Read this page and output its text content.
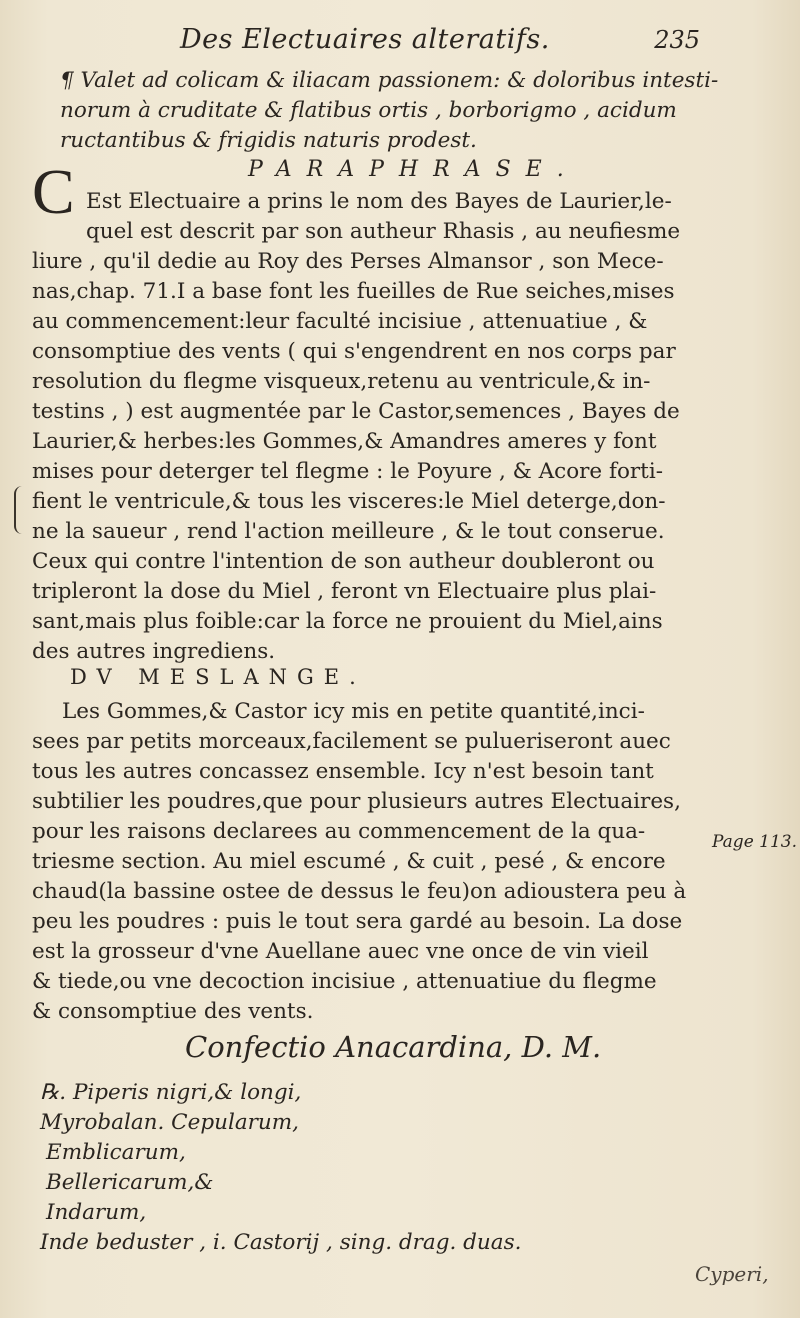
Des Electuaires alteratifs.	235
¶ Valet ad colicam & iliacam passionem: & doloribus intesti-
norum à cruditate & flatibus ortis , borborigmo , acidum
ructantibus & frigidis naturis prodest.
PARAPHRASE.
C Est Electuaire a prins le nom des Bayes de Laurier,le-
quel est descrit par son autheur Rhasis , au neufiesme
liure , qu'il dedie au Roy des Perses Almansor , son Mece-
nas,chap. 71.I a base font les fueilles de Rue seiches,mises
au commencement:leur faculté incisiue , attenuatiue , &
consomptiue des vents ( qui s'engendrent en nos corps par
resolution du flegme visqueux,retenu au ventricule,& in-
testins , ) est augmentée par le Castor,semences , Bayes de
Laurier,& herbes:les Gommes,& Amandres ameres y font
mises pour deterger tel flegme : le Poyure , & Acore forti-
fient le ventricule,& tous les visceres:le Miel deterge,don-
ne la saueur , rend l'action meilleure , & le tout conserue.
Ceux qui contre l'intention de son autheur doubleront ou
tripleront la dose du Miel , feront vn Electuaire plus plai-
sant,mais plus foible:car la force ne prouient du Miel,ains
des autres ingrediens.
DV MESLANGE.
Les Gommes,& Castor icy mis en petite quantité,inci-
sees par petits morceaux,facilement se pulueriseront auec
tous les autres concassez ensemble. Icy n'est besoin tant
subtilier les poudres,que pour plusieurs autres Electuaires,
pour les raisons declarees au commencement de la qua-
triesme section. Au miel escumé , & cuit , pesé , & encore
chaud(la bassine ostee de dessus le feu)on adioustera peu à
peu les poudres : puis le tout sera gardé au besoin. La dose
est la grosseur d'vne Auellane auec vne once de vin vieil
& tiede,ou vne decoction incisiue , attenuatiue du flegme
& consomptiue des vents.
Page 113.
Confectio Anacardina, D. M.
℞. Piperis nigri,& longi,
Myrobalan. Cepularum,
Emblicarum,
Bellericarum,&
Indarum,
Inde beduster , i. Castorij , sing. drag. duas.
Cyperi,
